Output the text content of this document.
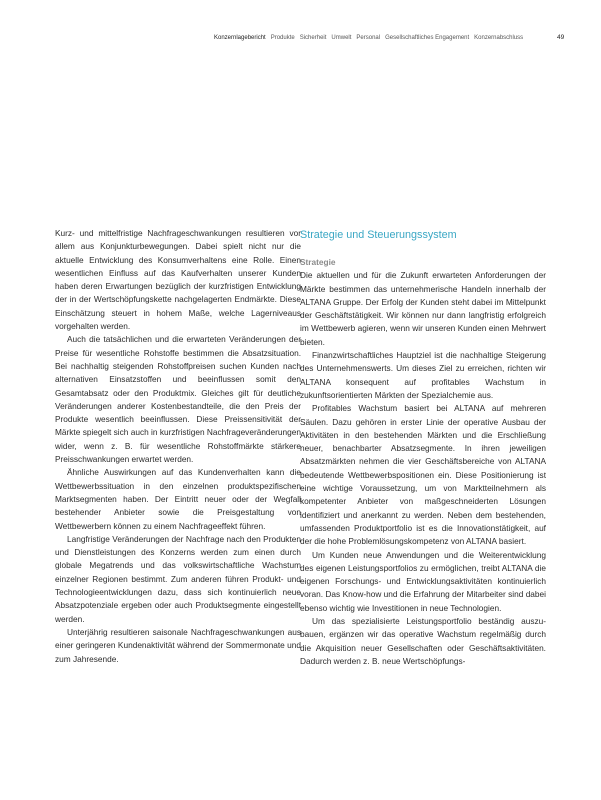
Konzernlagebericht Produkte Sicherheit Umwelt Personal Gesellschaftliches Engagement Konzernabschluss	49

Kurz- und mittelfristige Nachfrageschwankungen resultieren vor allem aus Konjunkturbewegungen. Dabei spielt nicht nur die aktuelle Entwicklung des Konsumverhaltens eine Rolle. Einen wesentlichen Einfluss auf das Kaufverhalten unserer Kunden haben deren Erwartungen bezüglich der kurzfristigen Entwicklung der in der Wertschöpfungskette nachgelagerten Endmärkte. Diese Einschätzung steuert in hohem Maße, welche Lagerniveaus vorgehalten werden.

Auch die tatsächlichen und die erwarteten Veränderungen der Preise für wesentliche Rohstoffe bestimmen die Absatzsituation. Bei nachhaltig steigenden Rohstoffpreisen suchen Kunden nach alternativen Einsatzstoffen und beeinflussen somit den Gesamtabsatz oder den Produktmix. Gleiches gilt für deutliche Veränderungen anderer Kostenbestandteile, die den Preis der Produkte wesentlich beeinflussen. Diese Preissensitivität der Märkte spiegelt sich auch in kurzfristigen Nachfrageveränderungen wider, wenn z. B. für wesentliche Rohstoffmärkte stärkere Preisschwankungen erwartet werden.

Ähnliche Auswirkungen auf das Kundenverhalten kann die Wettbewerbssituation in den einzelnen produktspezifischen Marktsegmenten haben. Der Eintritt neuer oder der Wegfall bestehender Anbieter sowie die Preisgestaltung von Wettbewerbern können zu einem Nachfrageeffekt führen.

Langfristige Veränderungen der Nachfrage nach den Produkten und Dienstleistungen des Konzerns werden zum einen durch globale Megatrends und das volkswirtschaftliche Wachstum einzelner Regionen bestimmt. Zum anderen führen Produkt- und Technologieentwicklungen dazu, dass sich kontinuierlich neue Absatzpotenziale ergeben oder auch Produktsegmente eingestellt werden.

Unterjährig resultieren saisonale Nachfrageschwankungen aus einer geringeren Kundenaktivität während der Sommermonate und zum Jahresende.

Strategie und Steuerungssystem
Strategie

Die aktuellen und für die Zukunft erwarteten Anforderungen der Märkte bestimmen das unternehmerische Handeln innerhalb der ALTANA Gruppe. Der Erfolg der Kunden steht dabei im Mittelpunkt der Geschäftstätigkeit. Wir können nur dann langfristig erfolgreich im Wettbewerb agieren, wenn wir unseren Kunden einen Mehrwert bieten.

Finanzwirtschaftliches Hauptziel ist die nachhaltige Steigerung des Unternehmenswerts. Um dieses Ziel zu erreichen, richten wir ALTANA konsequent auf profitables Wachstum in zukunftsorientierten Märkten der Spezialchemie aus.

Profitables Wachstum basiert bei ALTANA auf mehreren Säulen. Dazu gehören in erster Linie der operative Ausbau der Aktivitäten in den bestehenden Märkten und die Erschließung neuer, benachbarter Absatzsegmente. In ihren jeweiligen Absatzmärkten nehmen die vier Geschäftsbereiche von ALTANA bedeutende Wettbewerbspositionen ein. Diese Positionierung ist eine wichtige Voraussetzung, um von Marktteilnehmern als kompetenter Anbieter von maßgeschneiderten Lösungen identifiziert und anerkannt zu werden. Neben dem bestehenden, umfassenden Produktportfolio ist es die Innovationstätigkeit, auf der die hohe Problemlösungskompetenz von ALTANA basiert.

Um Kunden neue Anwendungen und die Weiterentwicklung des eigenen Leistungsportfolios zu ermöglichen, treibt ALTANA die eigenen Forschungs- und Entwicklungsaktivitäten kontinuierlich voran. Das Know-how und die Erfahrung der Mitarbeiter sind dabei ebenso wichtig wie Investitionen in neue Technologien.

Um das spezialisierte Leistungsportfolio beständig auszubauen, ergänzen wir das operative Wachstum regelmäßig durch die Akquisition neuer Gesellschaften oder Geschäftsaktivitäten. Dadurch werden z. B. neue Wertschöpfungs-
